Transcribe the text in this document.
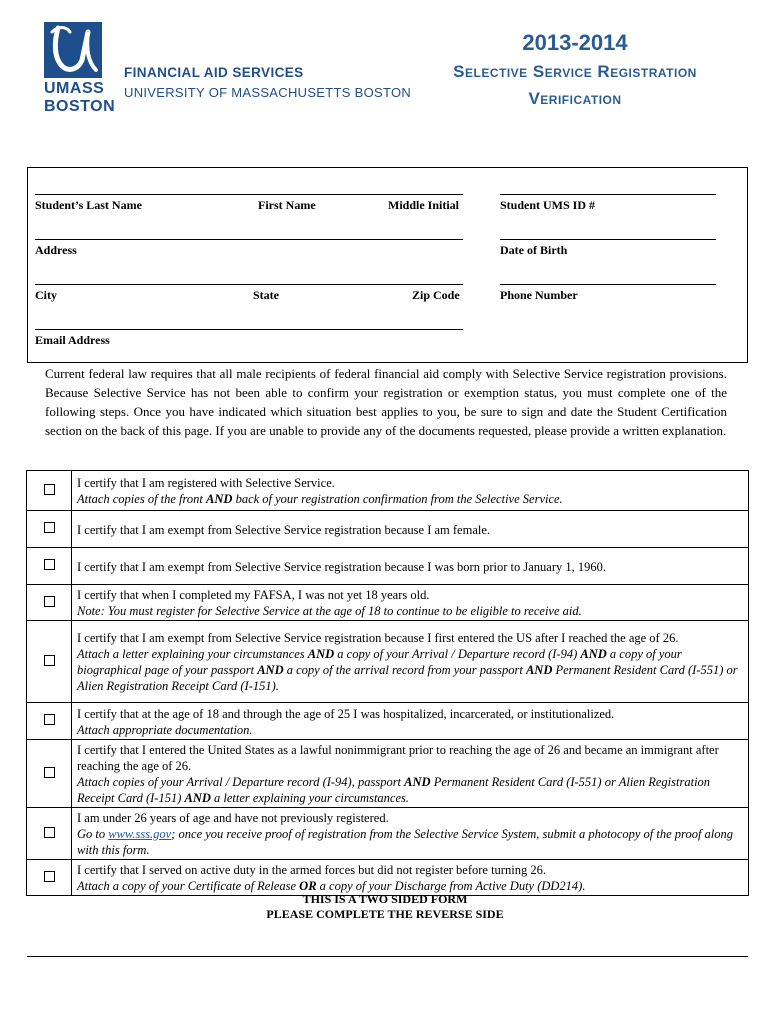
UMASS
BOSTON
FINANCIAL AID SERVICES
UNIVERSITY OF MASSACHUSETTS BOSTON
2013-2014
Selective Service Registration
Verification
Student’s Last Name	First Name	Middle Initial	Student UMS ID #
Address	Date of Birth
City	State	Zip Code	Phone Number
Email Address
Current federal law requires that all male recipients of federal financial aid comply with Selective Service registration provisions. Because Selective Service has not been able to confirm your registration or exemption status, you must complete one of the following steps. Once you have indicated which situation best applies to you, be sure to sign and date the Student Certification section on the back of this page. If you are unable to provide any of the documents requested, please provide a written explanation.

	I certify that I am registered with Selective Service.
Attach copies of the front AND back of your registration confirmation from the Selective Service.

	I certify that I am exempt from Selective Service registration because I am female.

	I certify that I am exempt from Selective Service registration because I was born prior to January 1, 1960.

	I certify that when I completed my FAFSA, I was not yet 18 years old.
Note: You must register for Selective Service at the age of 18 to continue to be eligible to receive aid.

	I certify that I am exempt from Selective Service registration because I first entered the US after I reached the age of 26.
Attach a letter explaining your circumstances AND a copy of your Arrival / Departure record (I-94) AND a copy of your biographical page of your passport AND a copy of the arrival record from your passport AND Permanent Resident Card (I-551) or Alien Registration Receipt Card (I-151).

	I certify that at the age of 18 and through the age of 25 I was hospitalized, incarcerated, or institutionalized.
Attach appropriate documentation.

	I certify that I entered the United States as a lawful nonimmigrant prior to reaching the age of 26 and became an immigrant after reaching the age of 26.
Attach copies of your Arrival / Departure record (I-94), passport AND Permanent Resident Card (I-551) or Alien Registration Receipt Card (I-151) AND a letter explaining your circumstances.

	I am under 26 years of age and have not previously registered.
Go to www.sss.gov; once you receive proof of registration from the Selective Service System, submit a photocopy of the proof along with this form.

	I certify that I served on active duty in the armed forces but did not register before turning 26.
Attach a copy of your Certificate of Release OR a copy of your Discharge from Active Duty (DD214).
THIS IS A TWO SIDED FORM
PLEASE COMPLETE THE REVERSE SIDE
